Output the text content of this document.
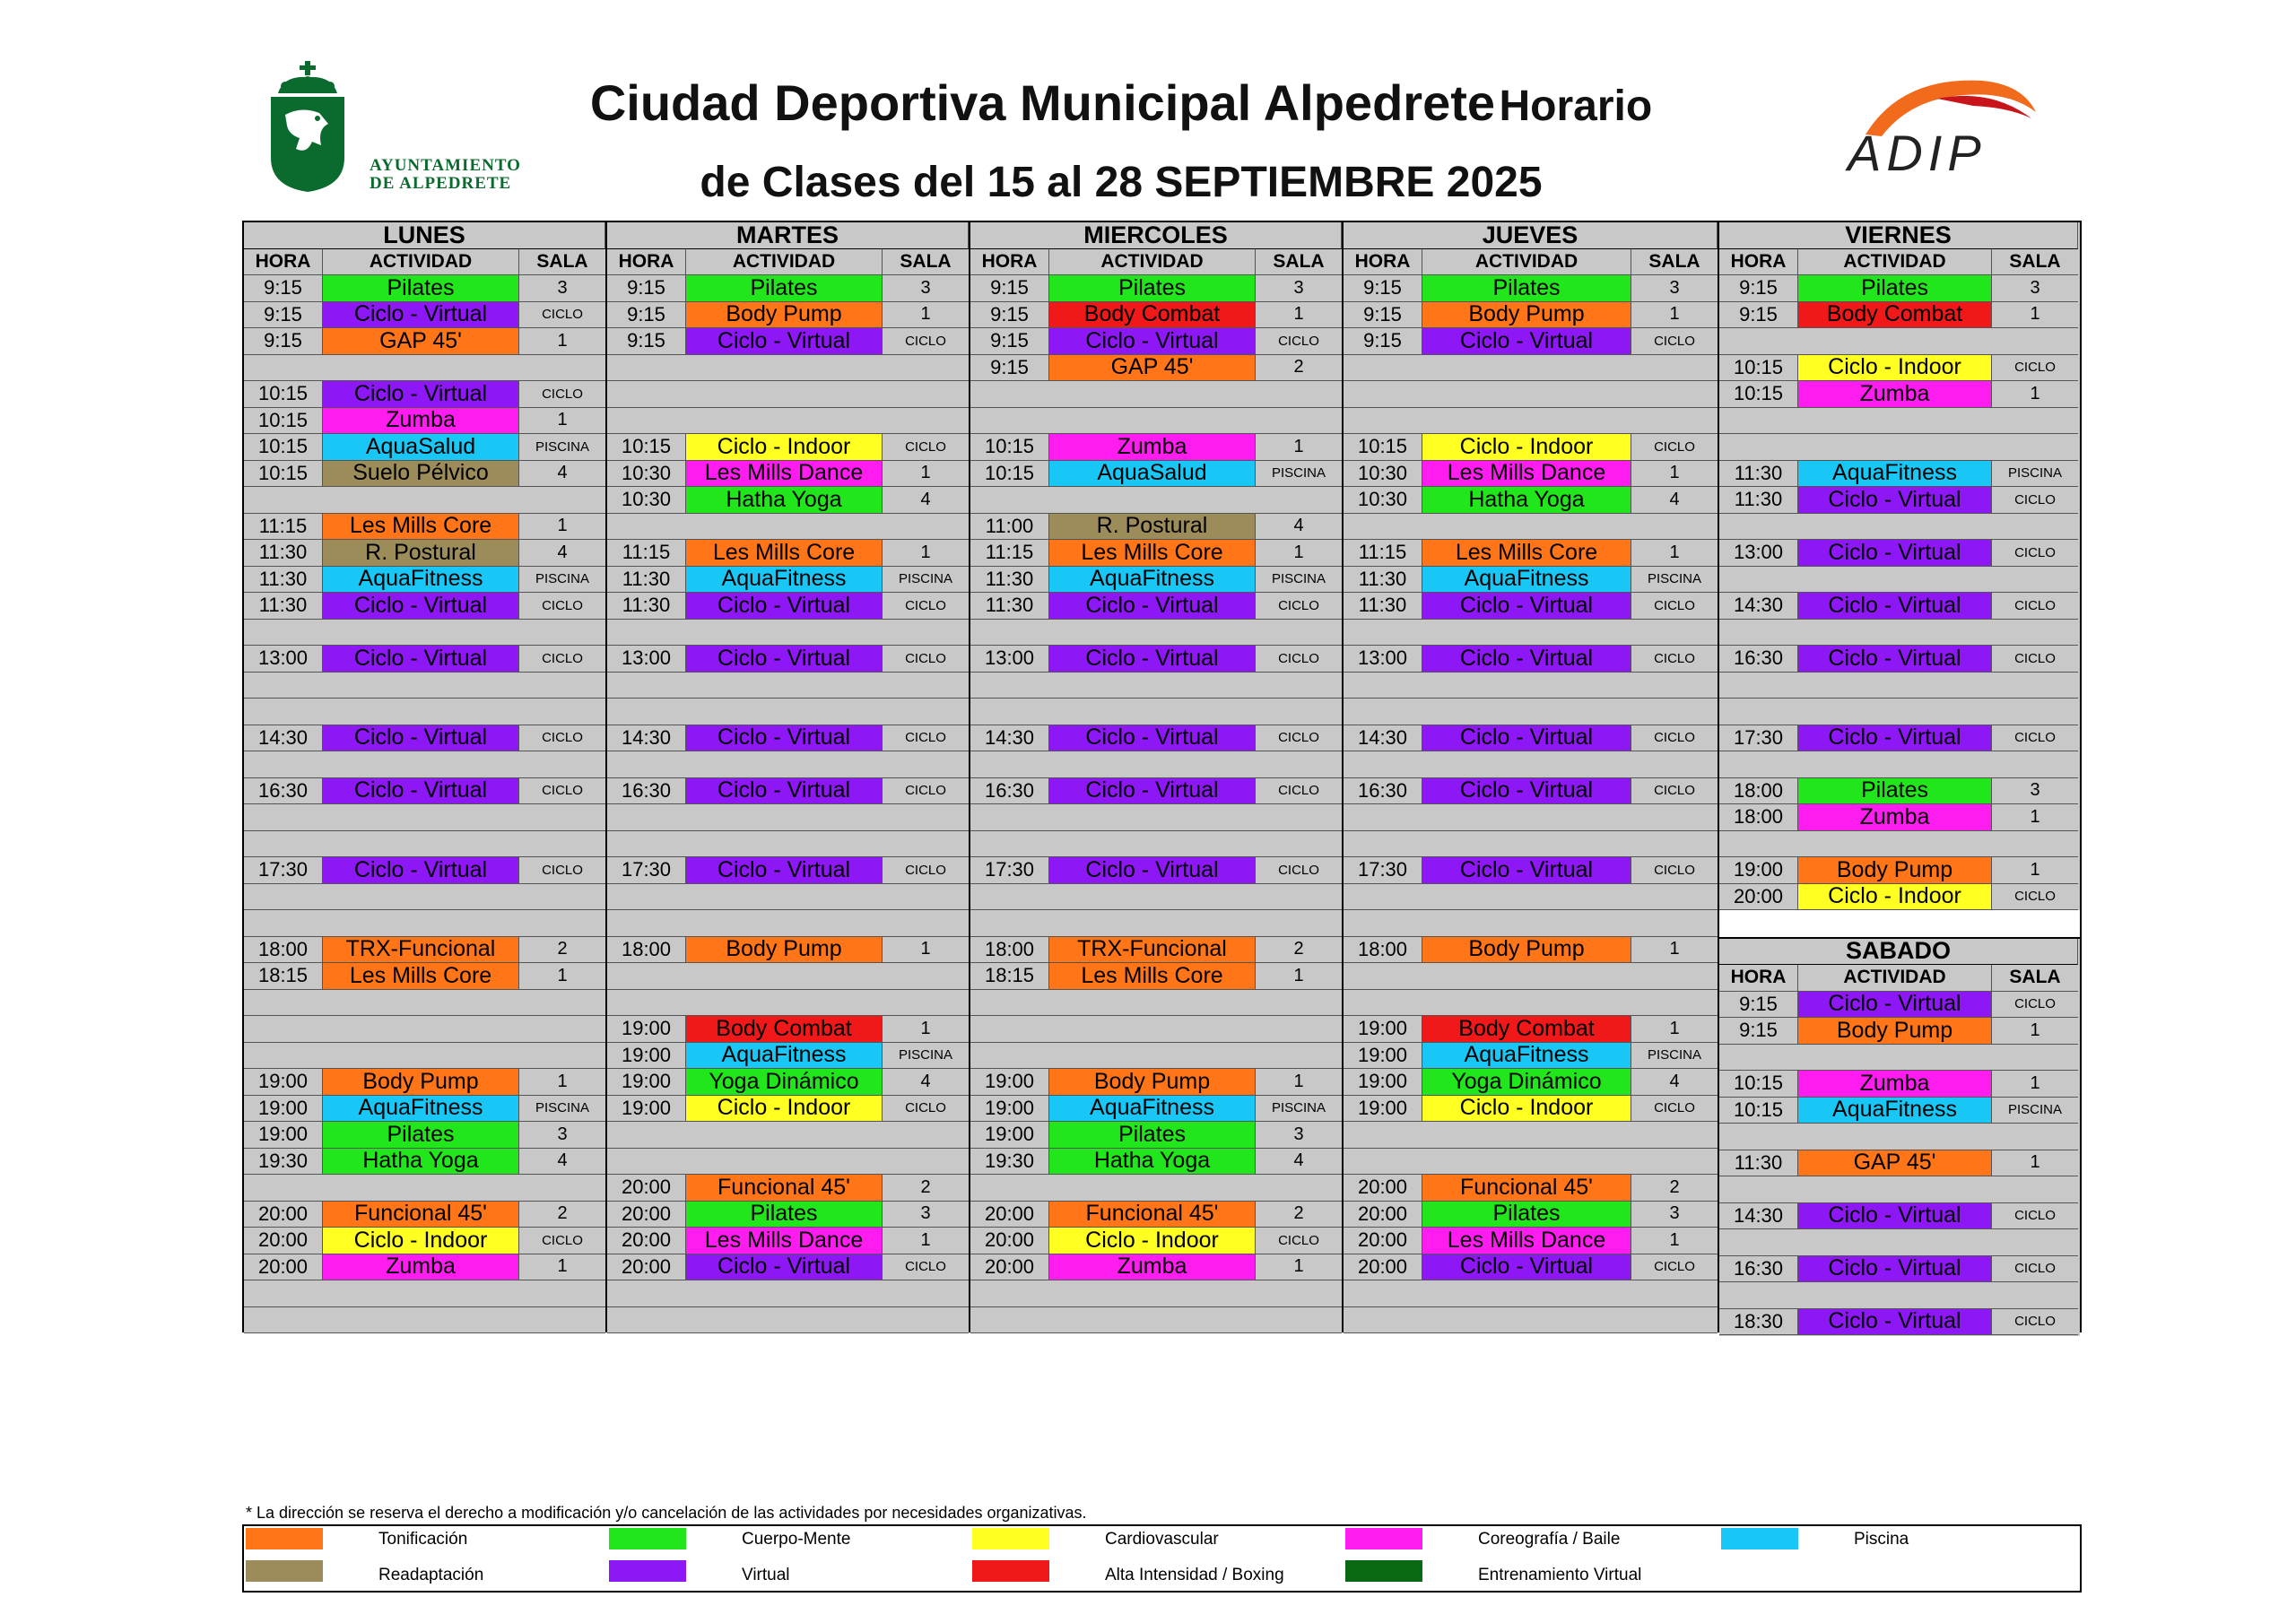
AYUNTAMIENTO
DE ALPEDRETE
Ciudad Deportiva Municipal Alpedrete Horario
de Clases del 15 al 28 SEPTIEMBRE 2025
ADIP
LUNES
HORA	ACTIVIDAD	SALA
9:15	Pilates	3
9:15	Ciclo - Virtual	CICLO
9:15	GAP 45'	1
10:15	Ciclo - Virtual	CICLO
10:15	Zumba	1
10:15	AquaSalud	PISCINA
10:15	Suelo Pélvico	4
11:15	Les Mills Core	1
11:30	R. Postural	4
11:30	AquaFitness	PISCINA
11:30	Ciclo - Virtual	CICLO
13:00	Ciclo - Virtual	CICLO
14:30	Ciclo - Virtual	CICLO
16:30	Ciclo - Virtual	CICLO
17:30	Ciclo - Virtual	CICLO
18:00	TRX-Funcional	2
18:15	Les Mills Core	1
19:00	Body Pump	1
19:00	AquaFitness	PISCINA
19:00	Pilates	3
19:30	Hatha Yoga	4
20:00	Funcional 45'	2
20:00	Ciclo - Indoor	CICLO
20:00	Zumba	1
MARTES
HORA	ACTIVIDAD	SALA
9:15	Pilates	3
9:15	Body Pump	1
9:15	Ciclo - Virtual	CICLO
10:15	Ciclo - Indoor	CICLO
10:30	Les Mills Dance	1
10:30	Hatha Yoga	4
11:15	Les Mills Core	1
11:30	AquaFitness	PISCINA
11:30	Ciclo - Virtual	CICLO
13:00	Ciclo - Virtual	CICLO
14:30	Ciclo - Virtual	CICLO
16:30	Ciclo - Virtual	CICLO
17:30	Ciclo - Virtual	CICLO
18:00	Body Pump	1
19:00	Body Combat	1
19:00	AquaFitness	PISCINA
19:00	Yoga Dinámico	4
19:00	Ciclo - Indoor	CICLO
20:00	Funcional 45'	2
20:00	Pilates	3
20:00	Les Mills Dance	1
20:00	Ciclo - Virtual	CICLO
MIERCOLES
HORA	ACTIVIDAD	SALA
9:15	Pilates	3
9:15	Body Combat	1
9:15	Ciclo - Virtual	CICLO
9:15	GAP 45'	2
10:15	Zumba	1
10:15	AquaSalud	PISCINA
11:00	R. Postural	4
11:15	Les Mills Core	1
11:30	AquaFitness	PISCINA
11:30	Ciclo - Virtual	CICLO
13:00	Ciclo - Virtual	CICLO
14:30	Ciclo - Virtual	CICLO
16:30	Ciclo - Virtual	CICLO
17:30	Ciclo - Virtual	CICLO
18:00	TRX-Funcional	2
18:15	Les Mills Core	1
19:00	Body Pump	1
19:00	AquaFitness	PISCINA
19:00	Pilates	3
19:30	Hatha Yoga	4
20:00	Funcional 45'	2
20:00	Ciclo - Indoor	CICLO
20:00	Zumba	1
JUEVES
HORA	ACTIVIDAD	SALA
9:15	Pilates	3
9:15	Body Pump	1
9:15	Ciclo - Virtual	CICLO
10:15	Ciclo - Indoor	CICLO
10:30	Les Mills Dance	1
10:30	Hatha Yoga	4
11:15	Les Mills Core	1
11:30	AquaFitness	PISCINA
11:30	Ciclo - Virtual	CICLO
13:00	Ciclo - Virtual	CICLO
14:30	Ciclo - Virtual	CICLO
16:30	Ciclo - Virtual	CICLO
17:30	Ciclo - Virtual	CICLO
18:00	Body Pump	1
19:00	Body Combat	1
19:00	AquaFitness	PISCINA
19:00	Yoga Dinámico	4
19:00	Ciclo - Indoor	CICLO
20:00	Funcional 45'	2
20:00	Pilates	3
20:00	Les Mills Dance	1
20:00	Ciclo - Virtual	CICLO
VIERNES
HORA	ACTIVIDAD	SALA
9:15	Pilates	3
9:15	Body Combat	1
10:15	Ciclo - Indoor	CICLO
10:15	Zumba	1
11:30	AquaFitness	PISCINA
11:30	Ciclo - Virtual	CICLO
13:00	Ciclo - Virtual	CICLO
14:30	Ciclo - Virtual	CICLO
16:30	Ciclo - Virtual	CICLO
17:30	Ciclo - Virtual	CICLO
18:00	Pilates	3
18:00	Zumba	1
19:00	Body Pump	1
20:00	Ciclo - Indoor	CICLO
SABADO
HORA	ACTIVIDAD	SALA
9:15	Ciclo - Virtual	CICLO
9:15	Body Pump	1
10:15	Zumba	1
10:15	AquaFitness	PISCINA
11:30	GAP 45'	1
14:30	Ciclo - Virtual	CICLO
16:30	Ciclo - Virtual	CICLO
18:30	Ciclo - Virtual	CICLO
* La dirección se reserva el derecho a modificación y/o cancelación de las actividades por necesidades organizativas.
Tonificación	Cuerpo-Mente	Cardiovascular	Coreografía / Baile	Piscina
Readaptación	Virtual	Alta Intensidad / Boxing	Entrenamiento Virtual
